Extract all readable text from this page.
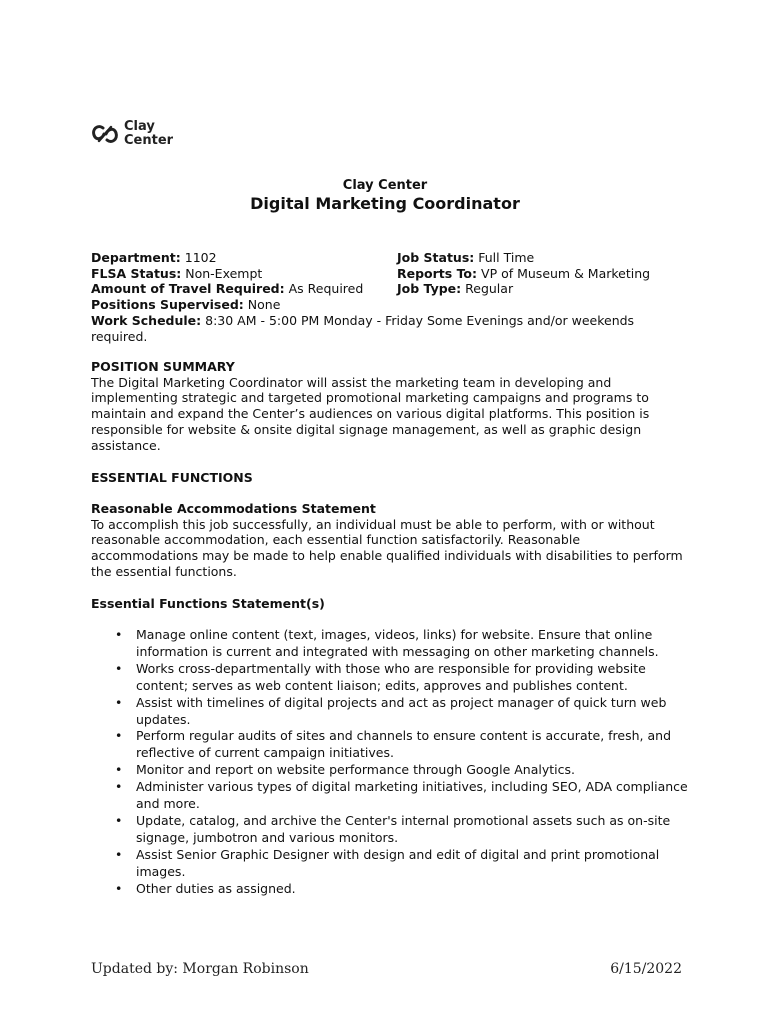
Clay
Center
Clay Center
Digital Marketing Coordinator
Department: 1102
FLSA Status: Non-Exempt
Amount of Travel Required: As Required
Positions Supervised: None
Job Status: Full Time
Reports To: VP of Museum & Marketing
Job Type: Regular
Work Schedule: 8:30 AM - 5:00 PM Monday - Friday Some Evenings and/or weekends required.
POSITION SUMMARY
The Digital Marketing Coordinator will assist the marketing team in developing and implementing strategic and targeted promotional marketing campaigns and programs to maintain and expand the Center’s audiences on various digital platforms. This position is responsible for website & onsite digital signage management, as well as graphic design assistance.
ESSENTIAL FUNCTIONS
Reasonable Accommodations Statement
To accomplish this job successfully, an individual must be able to perform, with or without reasonable accommodation, each essential function satisfactorily. Reasonable accommodations may be made to help enable qualified individuals with disabilities to perform the essential functions.
Essential Functions Statement(s)
• Manage online content (text, images, videos, links) for website. Ensure that online information is current and integrated with messaging on other marketing channels.
• Works cross-departmentally with those who are responsible for providing website content; serves as web content liaison; edits, approves and publishes content.
• Assist with timelines of digital projects and act as project manager of quick turn web updates.
• Perform regular audits of sites and channels to ensure content is accurate, fresh, and reflective of current campaign initiatives.
• Monitor and report on website performance through Google Analytics.
• Administer various types of digital marketing initiatives, including SEO, ADA compliance and more.
• Update, catalog, and archive the Center's internal promotional assets such as on-site signage, jumbotron and various monitors.
• Assist Senior Graphic Designer with design and edit of digital and print promotional images.
• Other duties as assigned.
Updated by: Morgan Robinson	6/15/2022
